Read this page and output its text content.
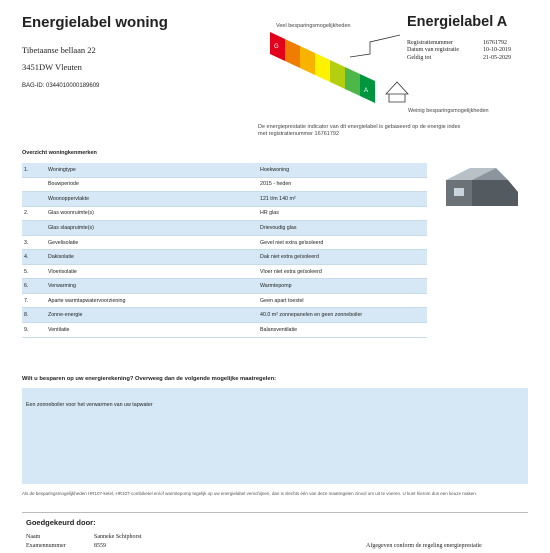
Energielabel woning
Tibetaanse bellaan 22
3451DW Vleuten
BAG-ID: 0344010000189609
Veel besparingsmogelijkheden
Weinig besparingsmogelijkheden
G
A
Energielabel A
Registratienummer	16761792
Datum van registratie	10-10-2019
Geldig tot	21-05-2029
De energieprestatie indicator van dit energielabel is gebaseerd op de energie index met registratienummer 16761792
Overzicht woningkenmerken
1.	Woningtype	Hoekwoning
	Bouwperiode	2015 - heden
	Woonoppervlakte	121 t/m 140 m²
2.	Glas woonruimte(s)	HR glas
	Glas slaapruimte(s)	Drievoudig glas
3.	Gevelisolatie	Gevel niet extra geïsoleerd
4.	Dakisolatie	Dak niet extra geïsoleerd
5.	Vloerisolatie	Vloer niet extra geïsoleerd
6.	Verwarming	Warmtepomp
7.	Aparte warmtapwatervoorziening	Geen apart toestel
8.	Zonne-energie	40.0 m² zonnepanelen en geen zonneboiler
9.	Ventilatie	Balansventilatie
Wilt u besparen op uw energierekening? Overweeg dan de volgende mogelijke maatregelen:
Een zonneboiler voor het verwarmen van uw tapwater
Als de besparingsmogelijkheden HR107-ketel, HR107-combiketel en/of warmtepomp tegelijk op uw energielabel verschijnen, dan is slechts één van deze maatregelen zinvol om uit te voeren. U kunt hierom dus een keuze maken.
Goedgekeurd door:
Naam	Sanneke Schiphorst
Examennummer	8559	Afgegeven conform de regeling energieprestatie
